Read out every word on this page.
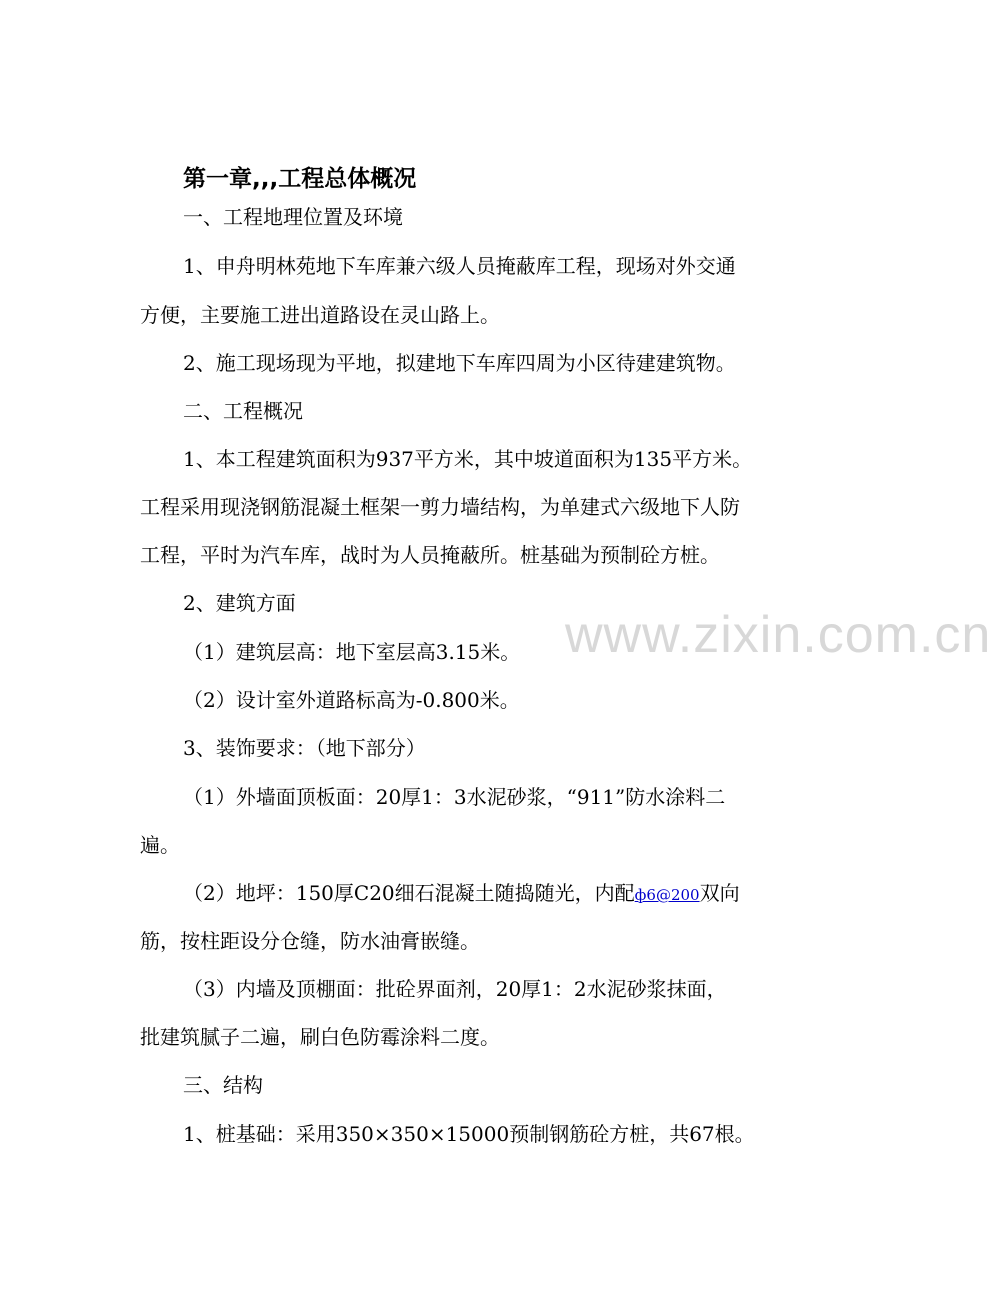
www.zixin.com.cn
第一章,,,工程总体概况
一、工程地理位置及环境
1、申舟明林苑地下车库兼六级人员掩蔽库工程，现场对外交通
方便，主要施工进出道路设在灵山路上。
2、施工现场现为平地，拟建地下车库四周为小区待建建筑物。
二、工程概况
1、本工程建筑面积为937平方米，其中坡道面积为135平方米。
工程采用现浇钢筋混凝土框架一剪力墙结构，为单建式六级地下人防
工程，平时为汽车库，战时为人员掩蔽所。桩基础为预制砼方桩。
2、建筑方面
（1）建筑层高：地下室层高3.15米。
（2）设计室外道路标高为-0.800米。
3、装饰要求：（地下部分）
（1）外墙面顶板面：20厚1：3水泥砂浆，“911”防水涂料二
遍。
（2）地坪：150厚C20细石混凝土随捣随光，内配ф6@200双向
筋，按柱距设分仓缝，防水油膏嵌缝。
（3）内墙及顶棚面：批砼界面剂，20厚1：2水泥砂浆抹面，
批建筑腻子二遍，刷白色防霉涂料二度。
三、结构
1、桩基础：采用350×350×15000预制钢筋砼方桩，共67根。
